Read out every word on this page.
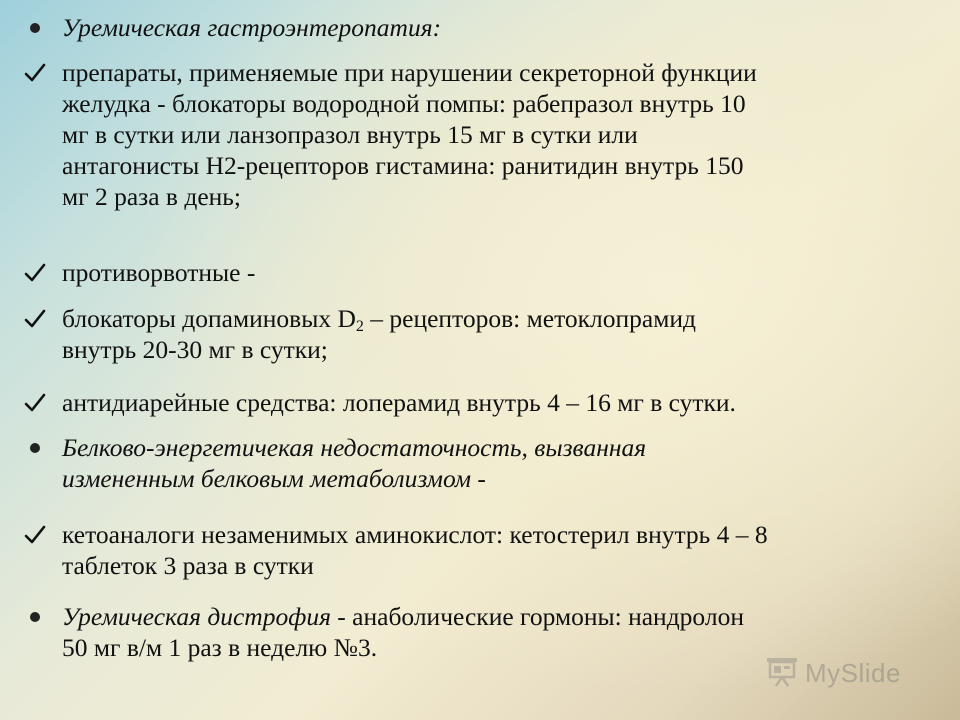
Уремическая гастроэнтеропатия:
препараты, применяемые при нарушении секреторной функции
желудка - блокаторы водородной помпы: рабепразол внутрь 10
мг в сутки или ланзопразол внутрь 15 мг в сутки или
антагонисты Н2-рецепторов гистамина: ранитидин внутрь 150
мг 2 раза в день;
противорвотные -
блокаторы допаминовых $D_2$ – рецепторов: метоклопрамид
внутрь 20-30 мг в сутки;
антидиарейные средства: лоперамид внутрь 4 – 16 мг в сутки.
Белково-энергетичекая недостаточность, вызванная
измененным белковым метаболизмом -
кетоаналоги незаменимых аминокислот: кетостерил внутрь 4 – 8
таблеток 3 раза в сутки
Уремическая дистрофия - анаболические гормоны: нандролон
50 мг в/м 1 раз в неделю №3.
MySlide
